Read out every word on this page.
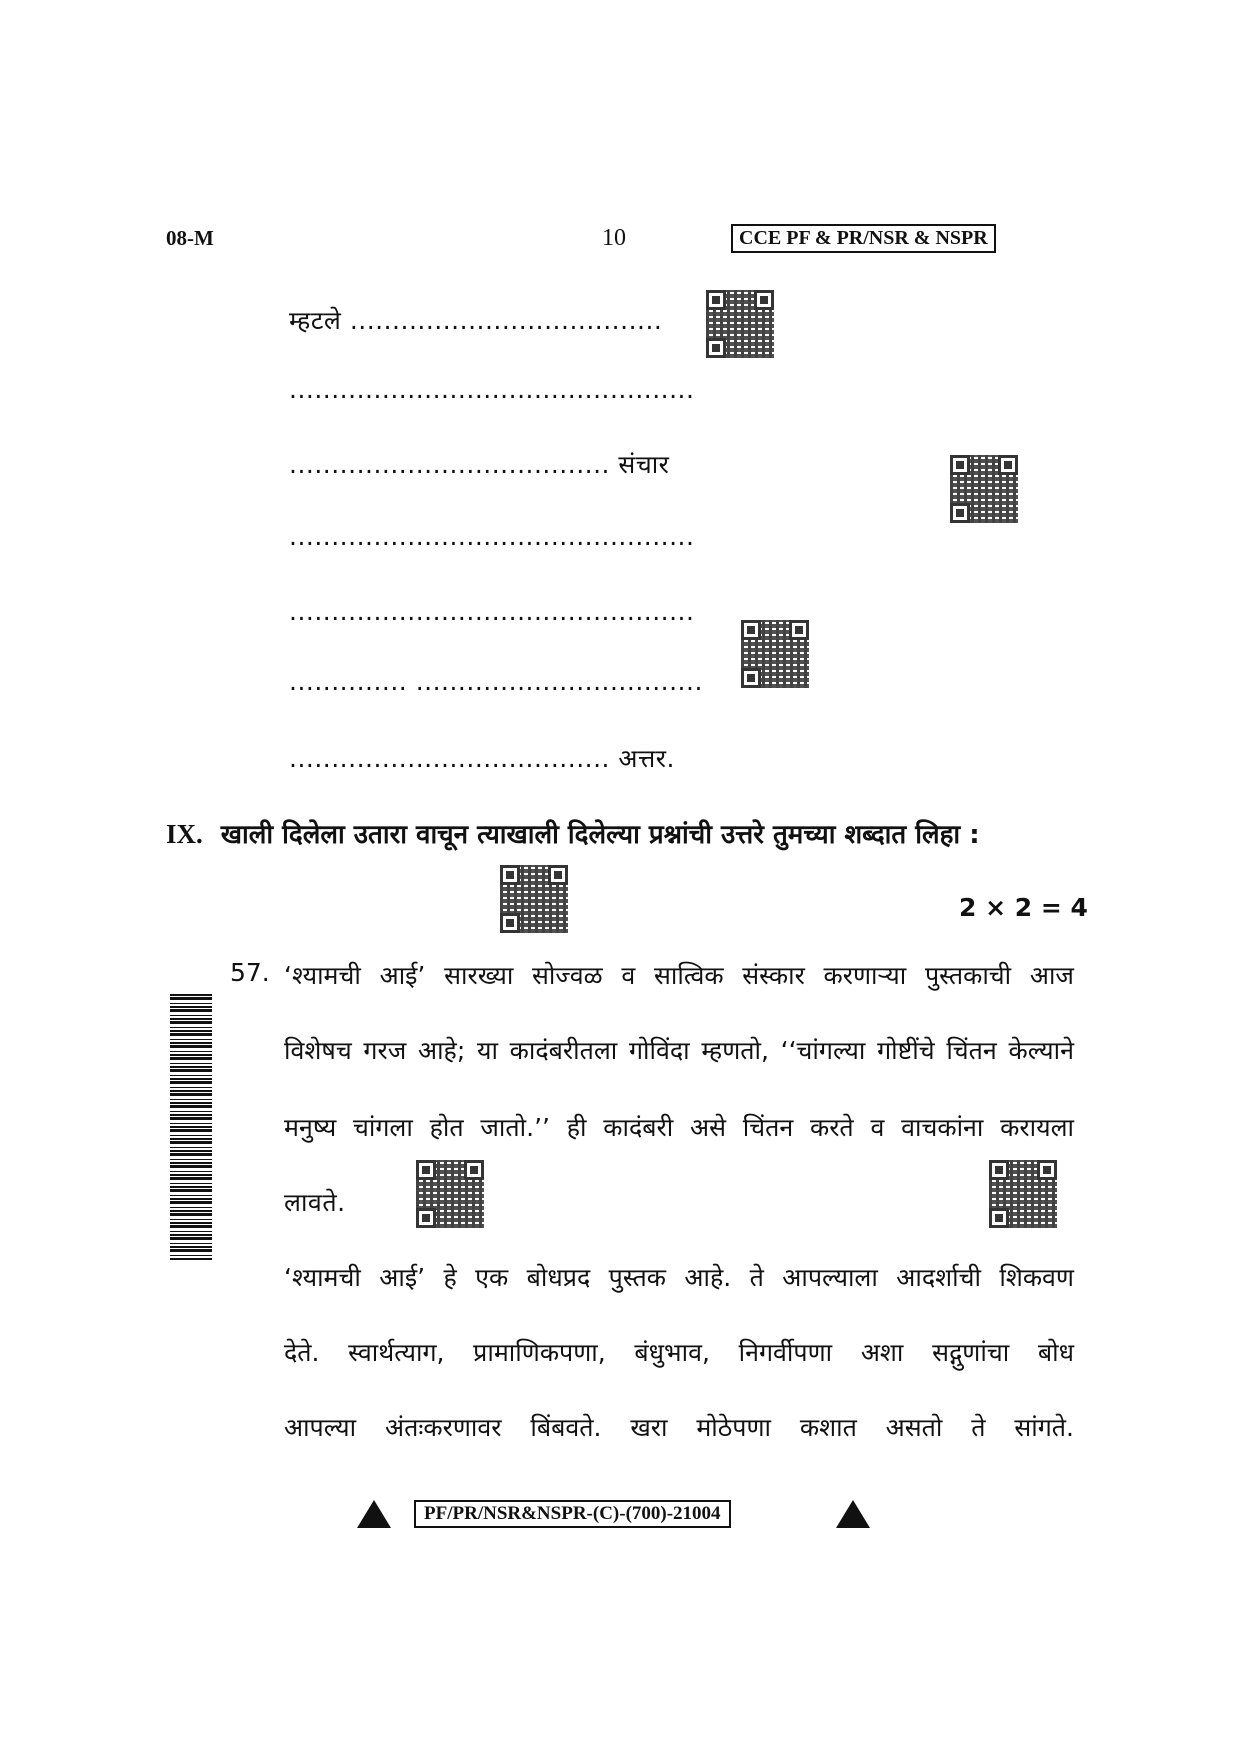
08-M	10	CCE PF & PR/NSR & NSPR
म्हटले .....................................
................................................
...................................... संचार
................................................
................................................
.............. ..................................
...................................... अत्तर.
IX. खाली दिलेला उतारा वाचून त्याखाली दिलेल्या प्रश्नांची उत्तरे तुमच्या शब्दात लिहा :
2 × 2 = 4
57. ‘श्यामची आई’ सारख्या सोज्वळ व सात्विक संस्कार करणाऱ्या पुस्तकाची आज
विशेषच गरज आहे; या कादंबरीतला गोविंदा म्हणतो, ‘‘चांगल्या गोष्टींचे चिंतन केल्याने
मनुष्य चांगला होत जातो.’’ ही कादंबरी असे चिंतन करते व वाचकांना करायला
लावते.
‘श्यामची आई’ हे एक बोधप्रद पुस्तक आहे. ते आपल्याला आदर्शाची शिकवण
देते. स्वार्थत्याग, प्रामाणिकपणा, बंधुभाव, निगर्वीपणा अशा सद्गुणांचा बोध
आपल्या अंतःकरणावर बिंबवते. खरा मोठेपणा कशात असतो ते सांगते.
PF/PR/NSR&NSPR-(C)-(700)-21004
